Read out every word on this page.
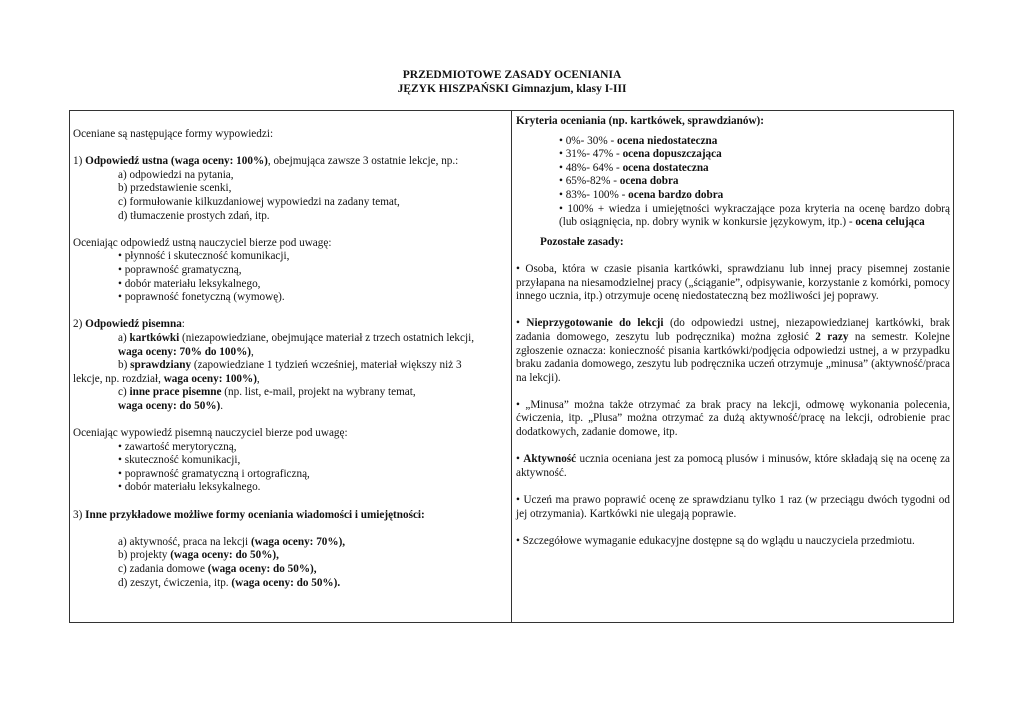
PRZEDMIOTOWE ZASADY OCENIANIA
JĘZYK HISZPAŃSKI Gimnazjum, klasy I-III

Oceniane są następujące formy wypowiedzi:

1) Odpowiedź ustna (waga oceny: 100%), obejmująca zawsze 3 ostatnie lekcje, np.:

a) odpowiedzi na pytania,

b) przedstawienie scenki,

c) formułowanie kilkuzdaniowej wypowiedzi na zadany temat,

d) tłumaczenie prostych zdań, itp.

Oceniając odpowiedź ustną nauczyciel bierze pod uwagę:

• płynność i skuteczność komunikacji,

• poprawność gramatyczną,

• dobór materiału leksykalnego,

• poprawność fonetyczną (wymowę).

2) Odpowiedź pisemna:

a) kartkówki (niezapowiedziane, obejmujące materiał z trzech ostatnich lekcji,
waga oceny: 70% do 100%),

b) sprawdziany (zapowiedziane 1 tydzień wcześniej, materiał większy niż 3

lekcje, np. rozdział, waga oceny: 100%),

c) inne prace pisemne (np. list, e-mail, projekt na wybrany temat,
waga oceny: do 50%).

Oceniając wypowiedź pisemną nauczyciel bierze pod uwagę:

• zawartość merytoryczną,

• skuteczność komunikacji,

• poprawność gramatyczną i ortograficzną,

• dobór materiału leksykalnego.

3) Inne przykładowe możliwe formy oceniania wiadomości i umiejętności:

a) aktywność, praca na lekcji (waga oceny: 70%),

b) projekty (waga oceny: do 50%),

c) zadania domowe (waga oceny: do 50%),

d) zeszyt, ćwiczenia, itp. (waga oceny: do 50%).

Kryteria oceniania (np. kartkówek, sprawdzianów):

• 0%- 30% - ocena niedostateczna

• 31%- 47% - ocena dopuszczająca

• 48%- 64% - ocena dostateczna

• 65%-82% - ocena dobra

• 83%- 100% - ocena bardzo dobra

• 100% + wiedza i umiejętności wykraczające poza kryteria na ocenę bardzo dobrą (lub osiągnięcia, np. dobry wynik w konkursie językowym, itp.) - ocena celująca

Pozostałe zasady:

• Osoba, która w czasie pisania kartkówki, sprawdzianu lub innej pracy pisemnej zostanie przyłapana na niesamodzielnej pracy („ściąganie”, odpisywanie, korzystanie z komórki, pomocy innego ucznia, itp.) otrzymuje ocenę niedostateczną bez możliwości jej poprawy.

• Nieprzygotowanie do lekcji (do odpowiedzi ustnej, niezapowiedzianej kartkówki, brak zadania domowego, zeszytu lub podręcznika) można zgłosić 2 razy na semestr. Kolejne zgłoszenie oznacza: konieczność pisania kartkówki/podjęcia odpowiedzi ustnej, a w przypadku braku zadania domowego, zeszytu lub podręcznika uczeń otrzymuje „minusa” (aktywność/praca na lekcji).

• „Minusa” można także otrzymać za brak pracy na lekcji, odmowę wykonania polecenia, ćwiczenia, itp. „Plusa” można otrzymać za dużą aktywność/pracę na lekcji, odrobienie prac dodatkowych, zadanie domowe, itp.

• Aktywność ucznia oceniana jest za pomocą plusów i minusów, które składają się na ocenę za aktywność.

• Uczeń ma prawo poprawić ocenę ze sprawdzianu tylko 1 raz (w przeciągu dwóch tygodni od jej otrzymania). Kartkówki nie ulegają poprawie.

• Szczegółowe wymaganie edukacyjne dostępne są do wglądu u nauczyciela przedmiotu.
